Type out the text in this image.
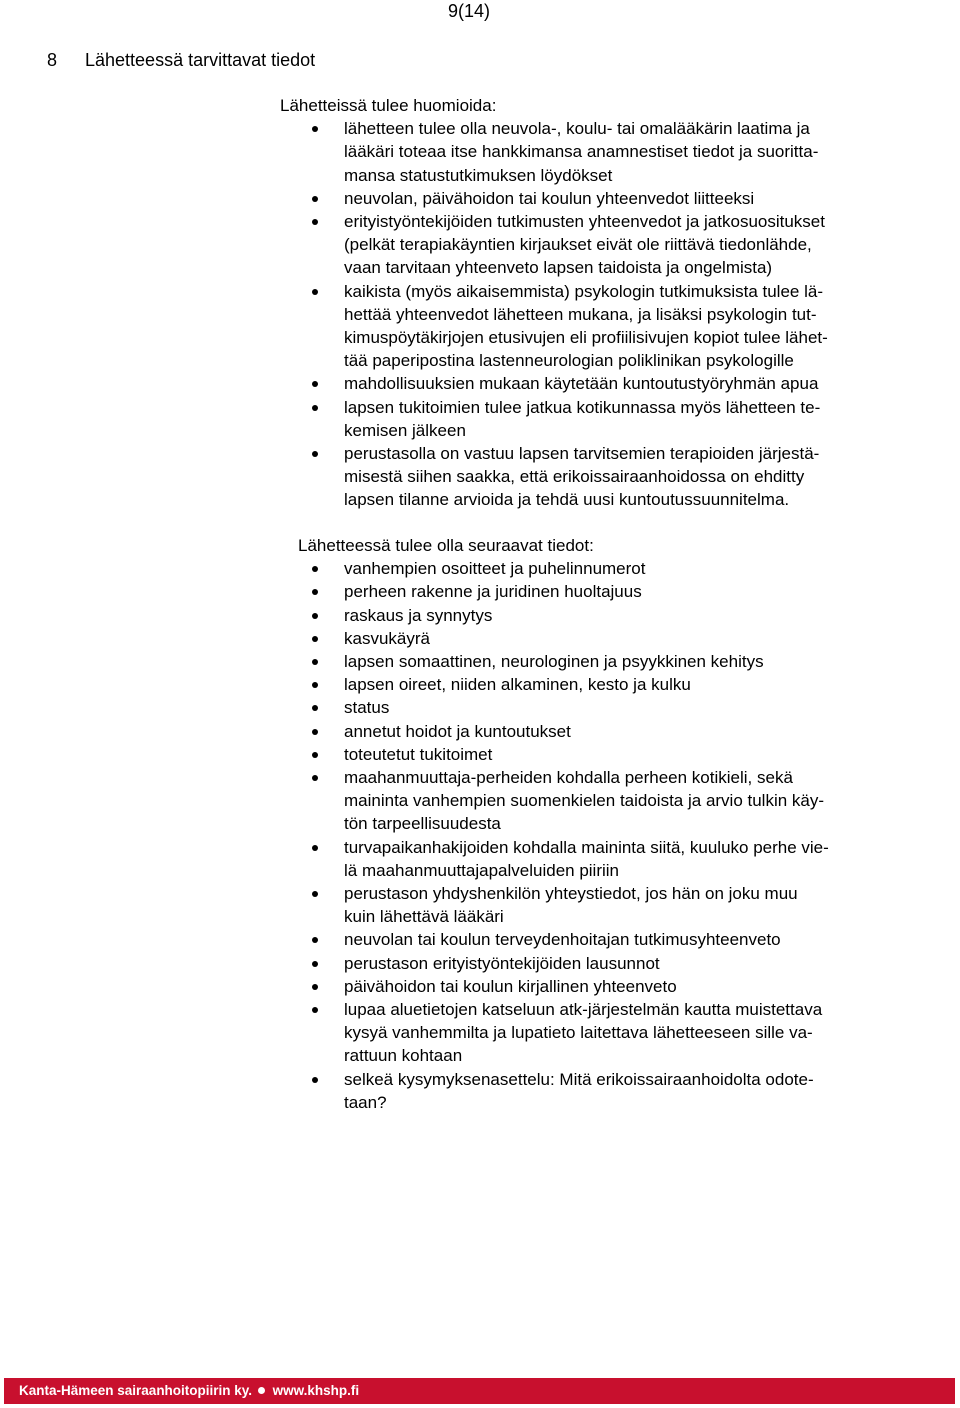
9(14)
8 Lähetteessä tarvittavat tiedot
Lähetteissä tulee huomioida:
lähetteen tulee olla neuvola-, koulu- tai omalääkärin laatima ja
lääkäri toteaa itse hankkimansa anamnestiset tiedot ja suoritta-
mansa statustutkimuksen löydökset
neuvolan, päivähoidon tai koulun yhteenvedot liitteeksi
erityistyöntekijöiden tutkimusten yhteenvedot ja jatkosuositukset
(pelkät terapiakäyntien kirjaukset eivät ole riittävä tiedonlähde,
vaan tarvitaan yhteenveto lapsen taidoista ja ongelmista)
kaikista (myös aikaisemmista) psykologin tutkimuksista tulee lä-
hettää yhteenvedot lähetteen mukana, ja lisäksi psykologin tut-
kimuspöytäkirjojen etusivujen eli profiilisivujen kopiot tulee lähet-
tää paperipostina lastenneurologian poliklinikan psykologille
mahdollisuuksien mukaan käytetään kuntoutustyöryhmän apua
lapsen tukitoimien tulee jatkua kotikunnassa myös lähetteen te-
kemisen jälkeen
perustasolla on vastuu lapsen tarvitsemien terapioiden järjestä-
misestä siihen saakka, että erikoissairaanhoidossa on ehditty
lapsen tilanne arvioida ja tehdä uusi kuntoutussuunnitelma.
Lähetteessä tulee olla seuraavat tiedot:
vanhempien osoitteet ja puhelinnumerot
perheen rakenne ja juridinen huoltajuus
raskaus ja synnytys
kasvukäyrä
lapsen somaattinen, neurologinen ja psyykkinen kehitys
lapsen oireet, niiden alkaminen, kesto ja kulku
status
annetut hoidot ja kuntoutukset
toteutetut tukitoimet
maahanmuuttaja-perheiden kohdalla perheen kotikieli, sekä
maininta vanhempien suomenkielen taidoista ja arvio tulkin käy-
tön tarpeellisuudesta
turvapaikanhakijoiden kohdalla maininta siitä, kuuluko perhe vie-
lä maahanmuuttajapalveluiden piiriin
perustason yhdyshenkilön yhteystiedot, jos hän on joku muu
kuin lähettävä lääkäri
neuvolan tai koulun terveydenhoitajan tutkimusyhteenveto
perustason erityistyöntekijöiden lausunnot
päivähoidon tai koulun kirjallinen yhteenveto
lupaa aluetietojen katseluun atk-järjestelmän kautta muistettava
kysyä vanhemmilta ja lupatieto laitettava lähetteeseen sille va-
rattuun kohtaan
selkeä kysymyksenasettelu: Mitä erikoissairaanhoidolta odote-
taan?
Kanta-Hämeen sairaanhoitopiirin ky. www.khshp.fi
